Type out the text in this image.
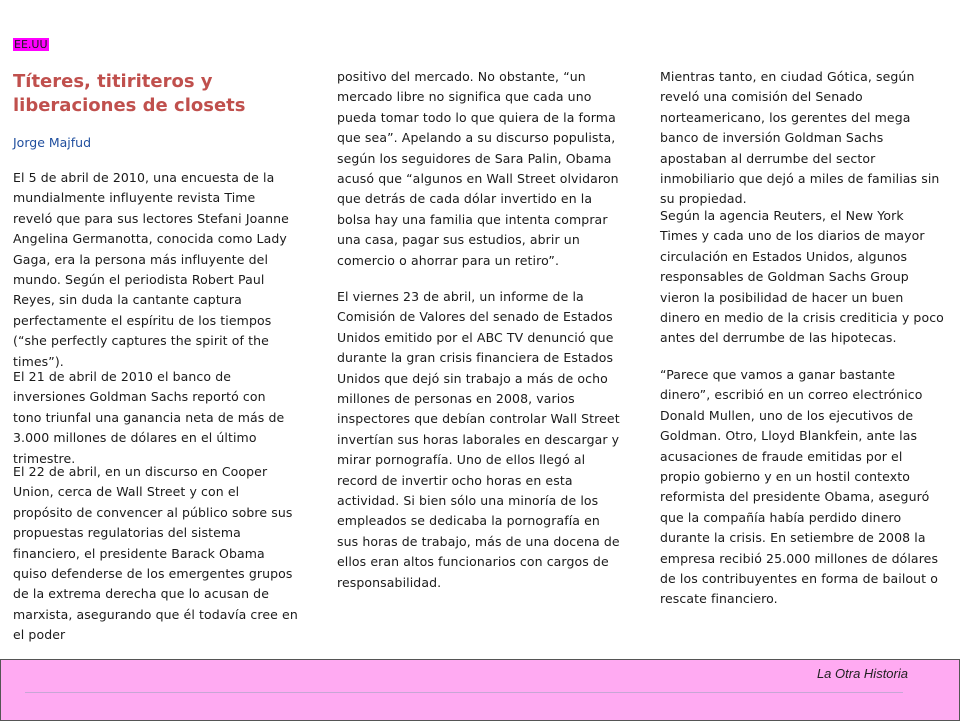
EE.UU
Títeres, titiriteros y liberaciones de closets
Jorge Majfud

El 5 de abril de 2010, una encuesta de la mundialmente influyente revista Time reveló que para sus lectores Stefani Joanne Angelina Germanotta, conocida como Lady Gaga, era la persona más influyente del mundo. Según el periodista Robert Paul Reyes, sin duda la cantante captura perfectamente el espíritu de los tiempos (“she perfectly captures the spirit of the times”).

El 21 de abril de 2010 el banco de inversiones Goldman Sachs reportó con tono triunfal una ganancia neta de más de 3.000 millones de dólares en el último trimestre.

El 22 de abril, en un discurso en Cooper Union, cerca de Wall Street y con el propósito de convencer al público sobre sus propuestas regulatorias del sistema financiero, el presidente Barack Obama quiso defenderse de los emergentes grupos de la extrema derecha que lo acusan de marxista, asegurando que él todavía cree en el poder

positivo del mercado. No obstante, “un mercado libre no significa que cada uno pueda tomar todo lo que quiera de la forma que sea”. Apelando a su discurso populista, según los seguidores de Sara Palin, Obama acusó que “algunos en Wall Street olvidaron que detrás de cada dólar invertido en la bolsa hay una familia que intenta comprar una casa, pagar sus estudios, abrir un comercio o ahorrar para un retiro”.

El viernes 23 de abril, un informe de la Comisión de Valores del senado de Estados Unidos emitido por el ABC TV denunció que durante la gran crisis financiera de Estados Unidos que dejó sin trabajo a más de ocho millones de personas en 2008, varios inspectores que debían controlar Wall Street invertían sus horas laborales en descargar y mirar pornografía. Uno de ellos llegó al record de invertir ocho horas en esta actividad. Si bien sólo una minoría de los empleados se dedicaba la pornografía en sus horas de trabajo, más de una docena de ellos eran altos funcionarios con cargos de responsabilidad.

Mientras tanto, en ciudad Gótica, según reveló una comisión del Senado norteamericano, los gerentes del mega banco de inversión Goldman Sachs apostaban al derrumbe del sector inmobiliario que dejó a miles de familias sin su propiedad.

Según la agencia Reuters, el New York Times y cada uno de los diarios de mayor circulación en Estados Unidos, algunos responsables de Goldman Sachs Group vieron la posibilidad de hacer un buen dinero en medio de la crisis crediticia y poco antes del derrumbe de las hipotecas.

“Parece que vamos a ganar bastante dinero”, escribió en un correo electrónico Donald Mullen, uno de los ejecutivos de Goldman. Otro, Lloyd Blankfein, ante las acusaciones de fraude emitidas por el propio gobierno y en un hostil contexto reformista del presidente Obama, aseguró que la compañía había perdido dinero durante la crisis. En setiembre de 2008 la empresa recibió 25.000 millones de dólares de los contribuyentes en forma de bailout o rescate financiero.

La Otra Historia
